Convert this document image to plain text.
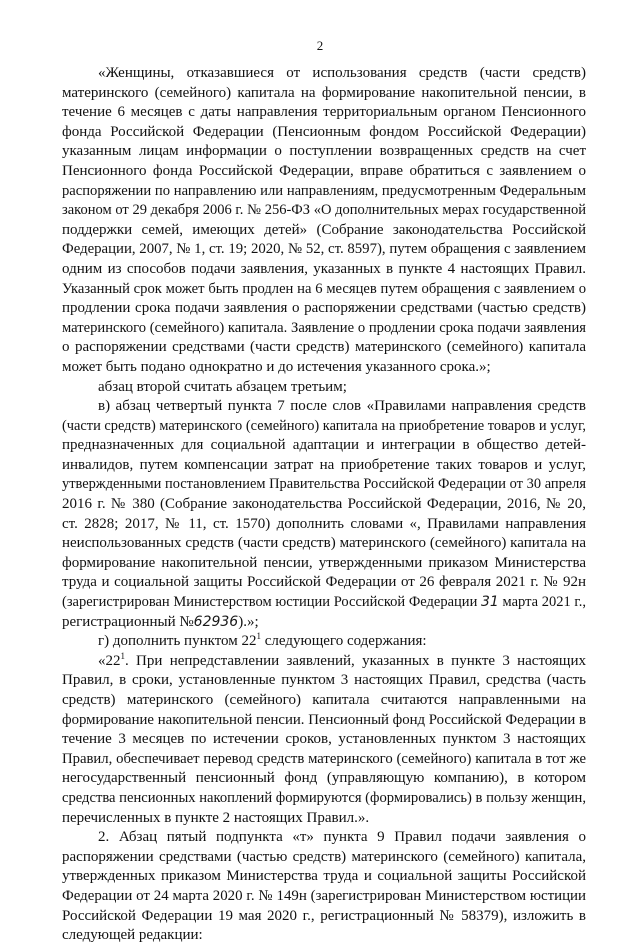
2
«Женщины, отказавшиеся от использования средств (части средств)
материнского (семейного) капитала на формирование накопительной пенсии, в
течение 6 месяцев с даты направления территориальным органом Пенсионного
фонда Российской Федерации (Пенсионным фондом Российской Федерации)
указанным лицам информации о поступлении возвращенных средств на счет
Пенсионного фонда Российской Федерации, вправе обратиться с заявлением о
распоряжении по направлению или направлениям, предусмотренным Федеральным
законом от 29 декабря 2006 г. № 256-ФЗ «О дополнительных мерах государственной
поддержки семей, имеющих детей» (Собрание законодательства Российской
Федерации, 2007, № 1, ст. 19; 2020, № 52, ст. 8597), путем обращения с заявлением
одним из способов подачи заявления, указанных в пункте 4 настоящих Правил.
Указанный срок может быть продлен на 6 месяцев путем обращения с заявлением о
продлении срока подачи заявления о распоряжении средствами (частью средств)
материнского (семейного) капитала. Заявление о продлении срока подачи заявления
о распоряжении средствами (части средств) материнского (семейного) капитала
может быть подано однократно и до истечения указанного срока.»;
абзац второй считать абзацем третьим;
в) абзац четвертый пункта 7 после слов «Правилами направления средств
(части средств) материнского (семейного) капитала на приобретение товаров и услуг,
предназначенных для социальной адаптации и интеграции в общество детей-
инвалидов, путем компенсации затрат на приобретение таких товаров и услуг,
утвержденными постановлением Правительства Российской Федерации от 30 апреля
2016 г. № 380 (Собрание законодательства Российской Федерации, 2016, № 20,
ст. 2828; 2017, № 11, ст. 1570) дополнить словами «, Правилами направления
неиспользованных средств (части средств) материнского (семейного) капитала на
формирование накопительной пенсии, утвержденными приказом Министерства
труда и социальной защиты Российской Федерации от 26 февраля 2021 г. № 92н
(зарегистрирован Министерством юстиции Российской Федерации 31 марта 2021 г.,
регистрационный №62936).»;
г) дополнить пунктом $22^1$ следующего содержания:
«$22^1$. При непредставлении заявлений, указанных в пункте 3 настоящих
Правил, в сроки, установленные пунктом 3 настоящих Правил, средства (часть
средств) материнского (семейного) капитала считаются направленными на
формирование накопительной пенсии. Пенсионный фонд Российской Федерации в
течение 3 месяцев по истечении сроков, установленных пунктом 3 настоящих
Правил, обеспечивает перевод средств материнского (семейного) капитала в тот же
негосударственный пенсионный фонд (управляющую компанию), в котором
средства пенсионных накоплений формируются (формировались) в пользу женщин,
перечисленных в пункте 2 настоящих Правил.».
2. Абзац пятый подпункта «т» пункта 9 Правил подачи заявления о
распоряжении средствами (частью средств) материнского (семейного) капитала,
утвержденных приказом Министерства труда и социальной защиты Российской
Федерации от 24 марта 2020 г. № 149н (зарегистрирован Министерством юстиции
Российской Федерации 19 мая 2020 г., регистрационный № 58379), изложить в
следующей редакции:
